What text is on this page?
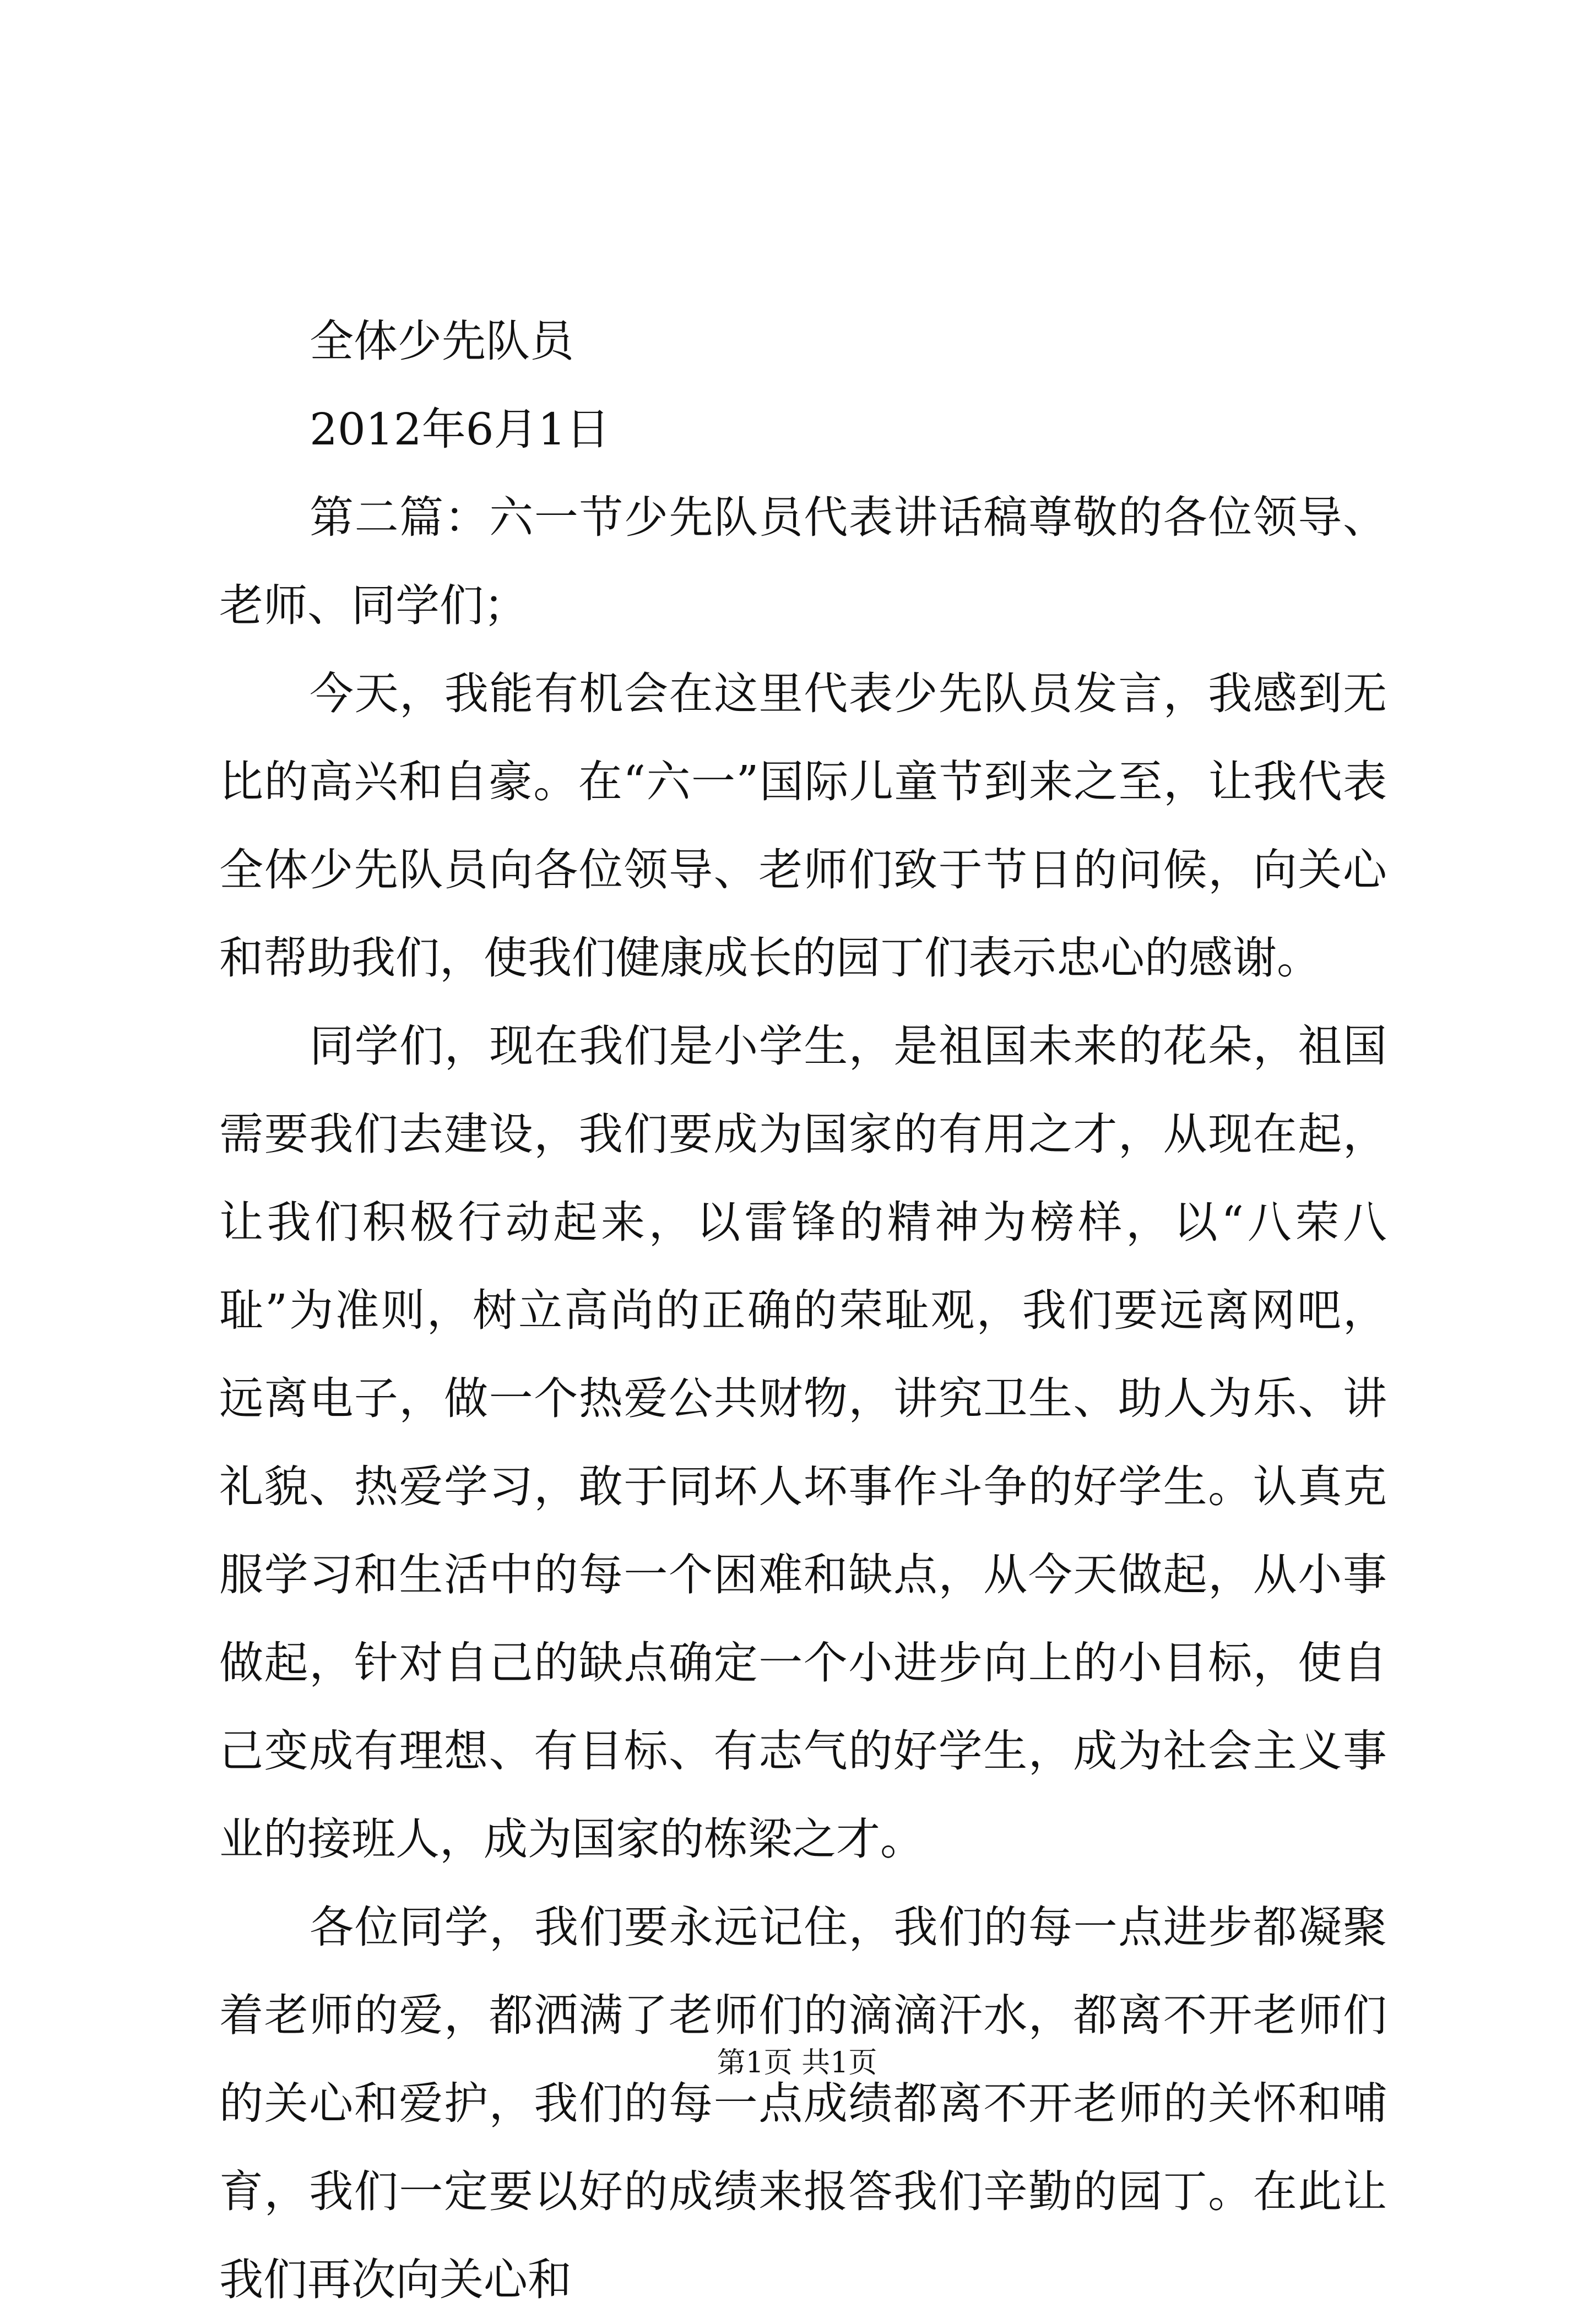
全体少先队员

2012年6月1日

第二篇：六一节少先队员代表讲话稿尊敬的各位领导、老师、同学们；

今天，我能有机会在这里代表少先队员发言，我感到无比的高兴和自豪。在“六一”国际儿童节到来之至，让我代表全体少先队员向各位领导、老师们致于节日的问候，向关心和帮助我们，使我们健康成长的园丁们表示忠心的感谢。

同学们，现在我们是小学生，是祖国未来的花朵，祖国需要我们去建设，我们要成为国家的有用之才，从现在起，让我们积极行动起来，以雷锋的精神为榜样，以“八荣八耻”为准则，树立高尚的正确的荣耻观，我们要远离网吧，远离电子，做一个热爱公共财物，讲究卫生、助人为乐、讲礼貌、热爱学习，敢于同坏人坏事作斗争的好学生。认真克服学习和生活中的每一个困难和缺点，从今天做起，从小事做起，针对自己的缺点确定一个小进步向上的小目标，使自己变成有理想、有目标、有志气的好学生，成为社会主义事业的接班人，成为国家的栋梁之才。

各位同学，我们要永远记住，我们的每一点进步都凝聚着老师的爱，都洒满了老师们的滴滴汗水，都离不开老师们的关心和爱护，我们的每一点成绩都离不开老师的关怀和哺育，我们一定要以好的成绩来报答我们辛勤的园丁。在此让我们再次向关心和

第1页 共1页
